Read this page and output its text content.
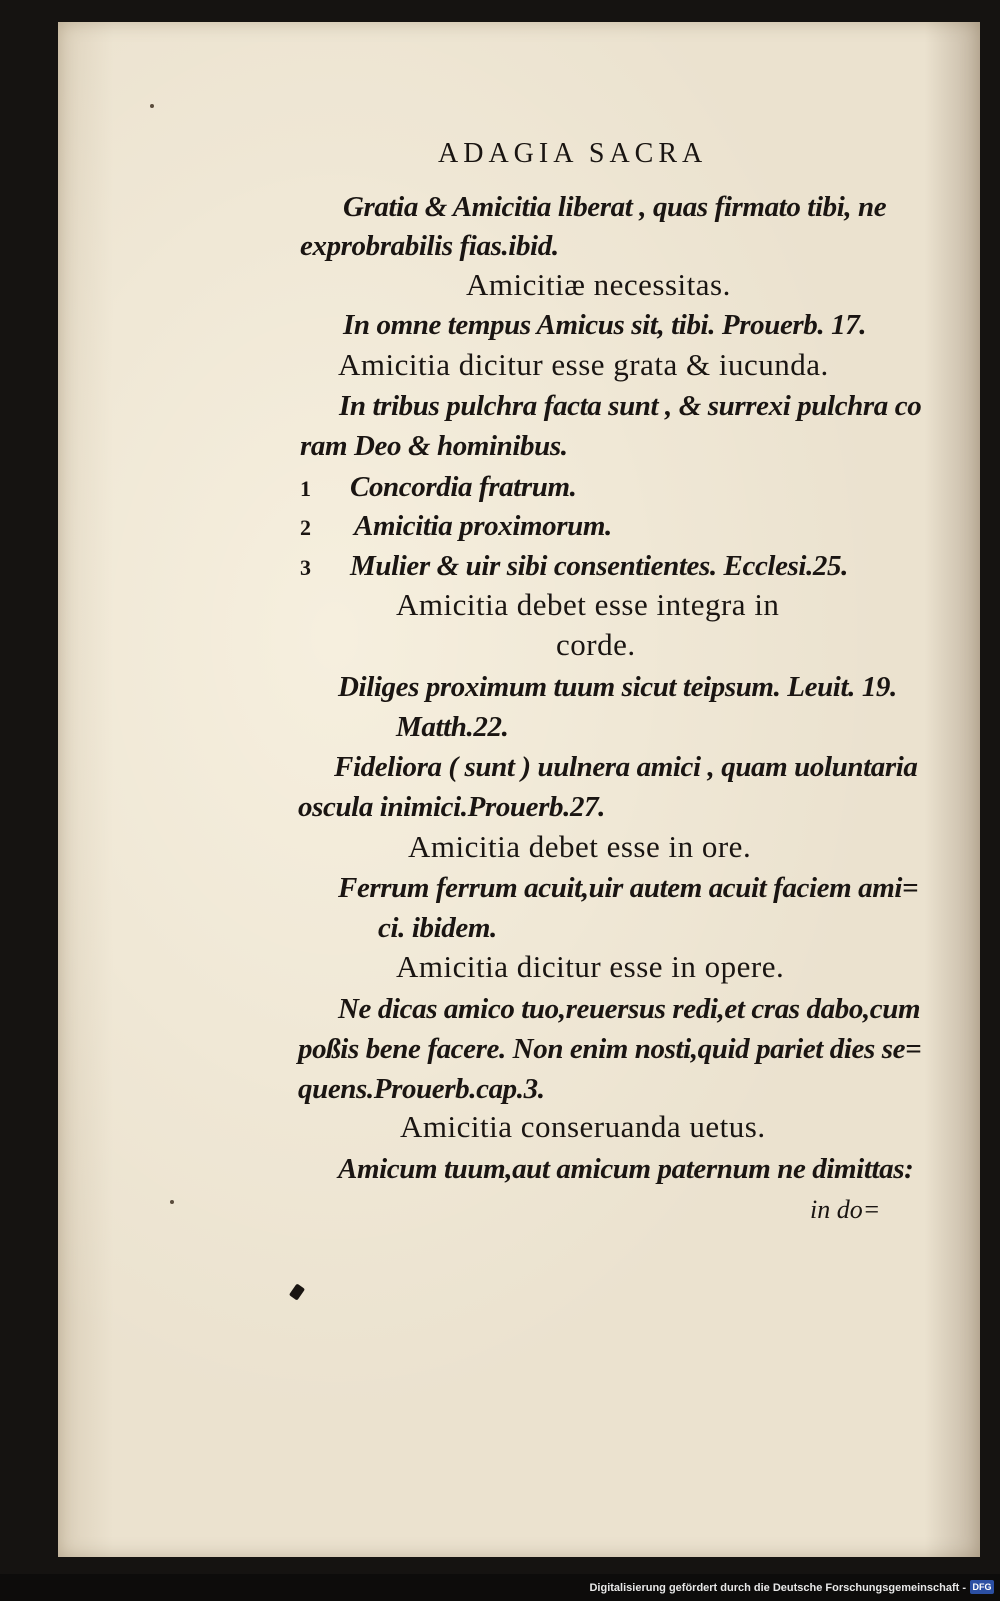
ADAGIA SACRA
Gratia & Amicitia liberat , quas firmato tibi, ne
exprobrabilis fias.ibid.
Amicitiæ necessitas.
In omne tempus Amicus sit, tibi. Prouerb. 17.
Amicitia dicitur esse grata & iucunda.
In tribus pulchra facta sunt , & surrexi pulchra co
ram Deo & hominibus.
1 Concordia fratrum.
2 Amicitia proximorum.
3 Mulier & uir sibi consentientes. Ecclesi.25.
Amicitia debet esse integra in
corde.
Diliges proximum tuum sicut teipsum. Leuit. 19.
Matth.22.
Fideliora ( sunt ) uulnera amici , quam uoluntaria
oscula inimici.Prouerb.27.
Amicitia debet esse in ore.
Ferrum ferrum acuit,uir autem acuit faciem ami=
ci. ibidem.
Amicitia dicitur esse in opere.
Ne dicas amico tuo,reuersus redi,et cras dabo,cum
poßis bene facere. Non enim nosti,quid pariet dies se=
quens.Prouerb.cap.3.
Amicitia conseruanda uetus.
Amicum tuum,aut amicum paternum ne dimittas:
in do=
Digitalisierung gefördert durch die Deutsche Forschungsgemeinschaft - DFG
